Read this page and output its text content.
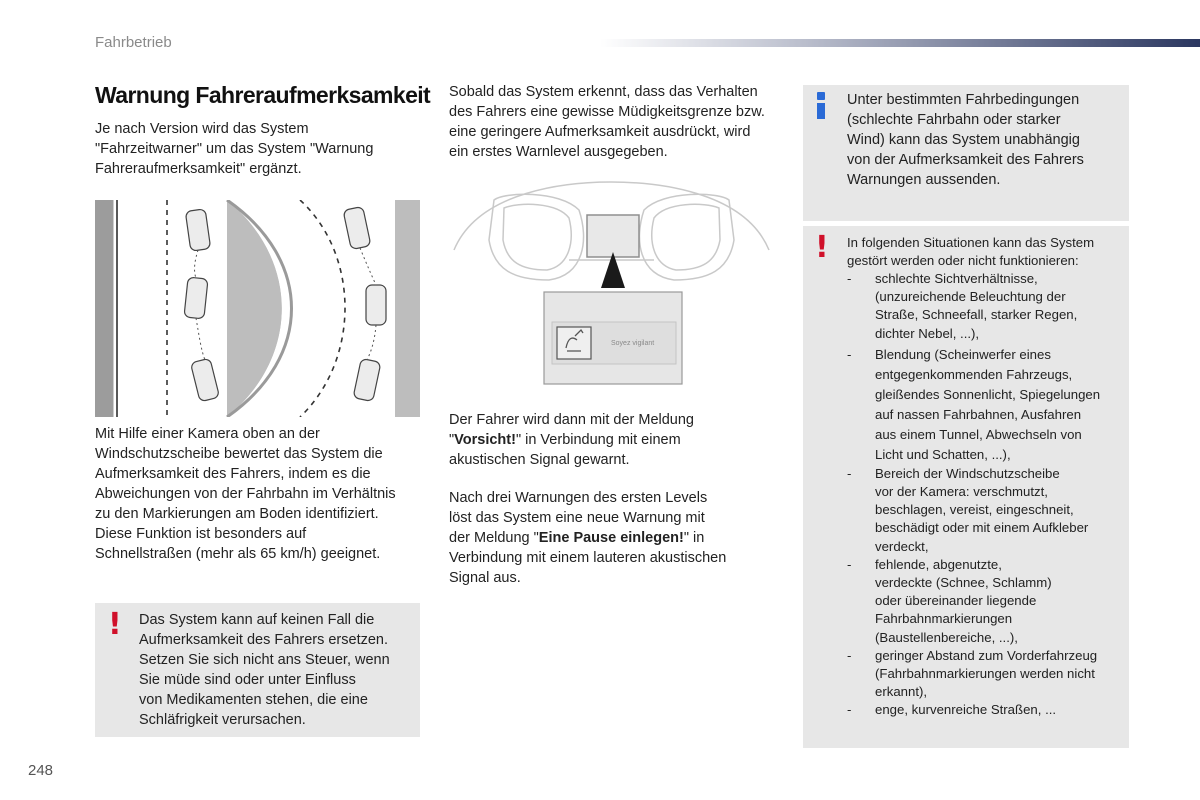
Fahrbetrieb
Warnung Fahreraufmerksamkeit
Je nach Version wird das System
"Fahrzeitwarner" um das System "Warnung
Fahreraufmerksamkeit" ergänzt.
Mit Hilfe einer Kamera oben an der
Windschutzscheibe bewertet das System die
Aufmerksamkeit des Fahrers, indem es die
Abweichungen von der Fahrbahn im Verhältnis
zu den Markierungen am Boden identifiziert.
Diese Funktion ist besonders auf
Schnellstraßen (mehr als 65 km/h) geeignet.
! Das System kann auf keinen Fall die
Aufmerksamkeit des Fahrers ersetzen.
Setzen Sie sich nicht ans Steuer, wenn
Sie müde sind oder unter Einfluss
von Medikamenten stehen, die eine
Schläfrigkeit verursachen.
Sobald das System erkennt, dass das Verhalten
des Fahrers eine gewisse Müdigkeitsgrenze bzw.
eine geringere Aufmerksamkeit ausdrückt, wird
ein erstes Warnlevel ausgegeben.
Soyez vigilant
Der Fahrer wird dann mit der Meldung
"Vorsicht!" in Verbindung mit einem
akustischen Signal gewarnt.
Nach drei Warnungen des ersten Levels
löst das System eine neue Warnung mit
der Meldung "Eine Pause einlegen!" in
Verbindung mit einem lauteren akustischen
Signal aus.
Unter bestimmten Fahrbedingungen
(schlechte Fahrbahn oder starker
Wind) kann das System unabhängig
von der Aufmerksamkeit des Fahrers
Warnungen aussenden.
! In folgenden Situationen kann das System
gestört werden oder nicht funktionieren:
- schlechte Sichtverhältnisse,
(unzureichende Beleuchtung der
Straße, Schneefall, starker Regen,
dichter Nebel, ...),
- Blendung (Scheinwerfer eines
entgegenkommenden Fahrzeugs,
gleißendes Sonnenlicht, Spiegelungen
auf nassen Fahrbahnen, Ausfahren
aus einem Tunnel, Abwechseln von
Licht und Schatten, ...),
- Bereich der Windschutzscheibe
vor der Kamera: verschmutzt,
beschlagen, vereist, eingeschneit,
beschädigt oder mit einem Aufkleber
verdeckt,
- fehlende, abgenutzte,
verdeckte (Schnee, Schlamm)
oder übereinander liegende
Fahrbahnmarkierungen
(Baustellenbereiche, ...),
- geringer Abstand zum Vorderfahrzeug
(Fahrbahnmarkierungen werden nicht
erkannt),
- enge, kurvenreiche Straßen, ...
248
